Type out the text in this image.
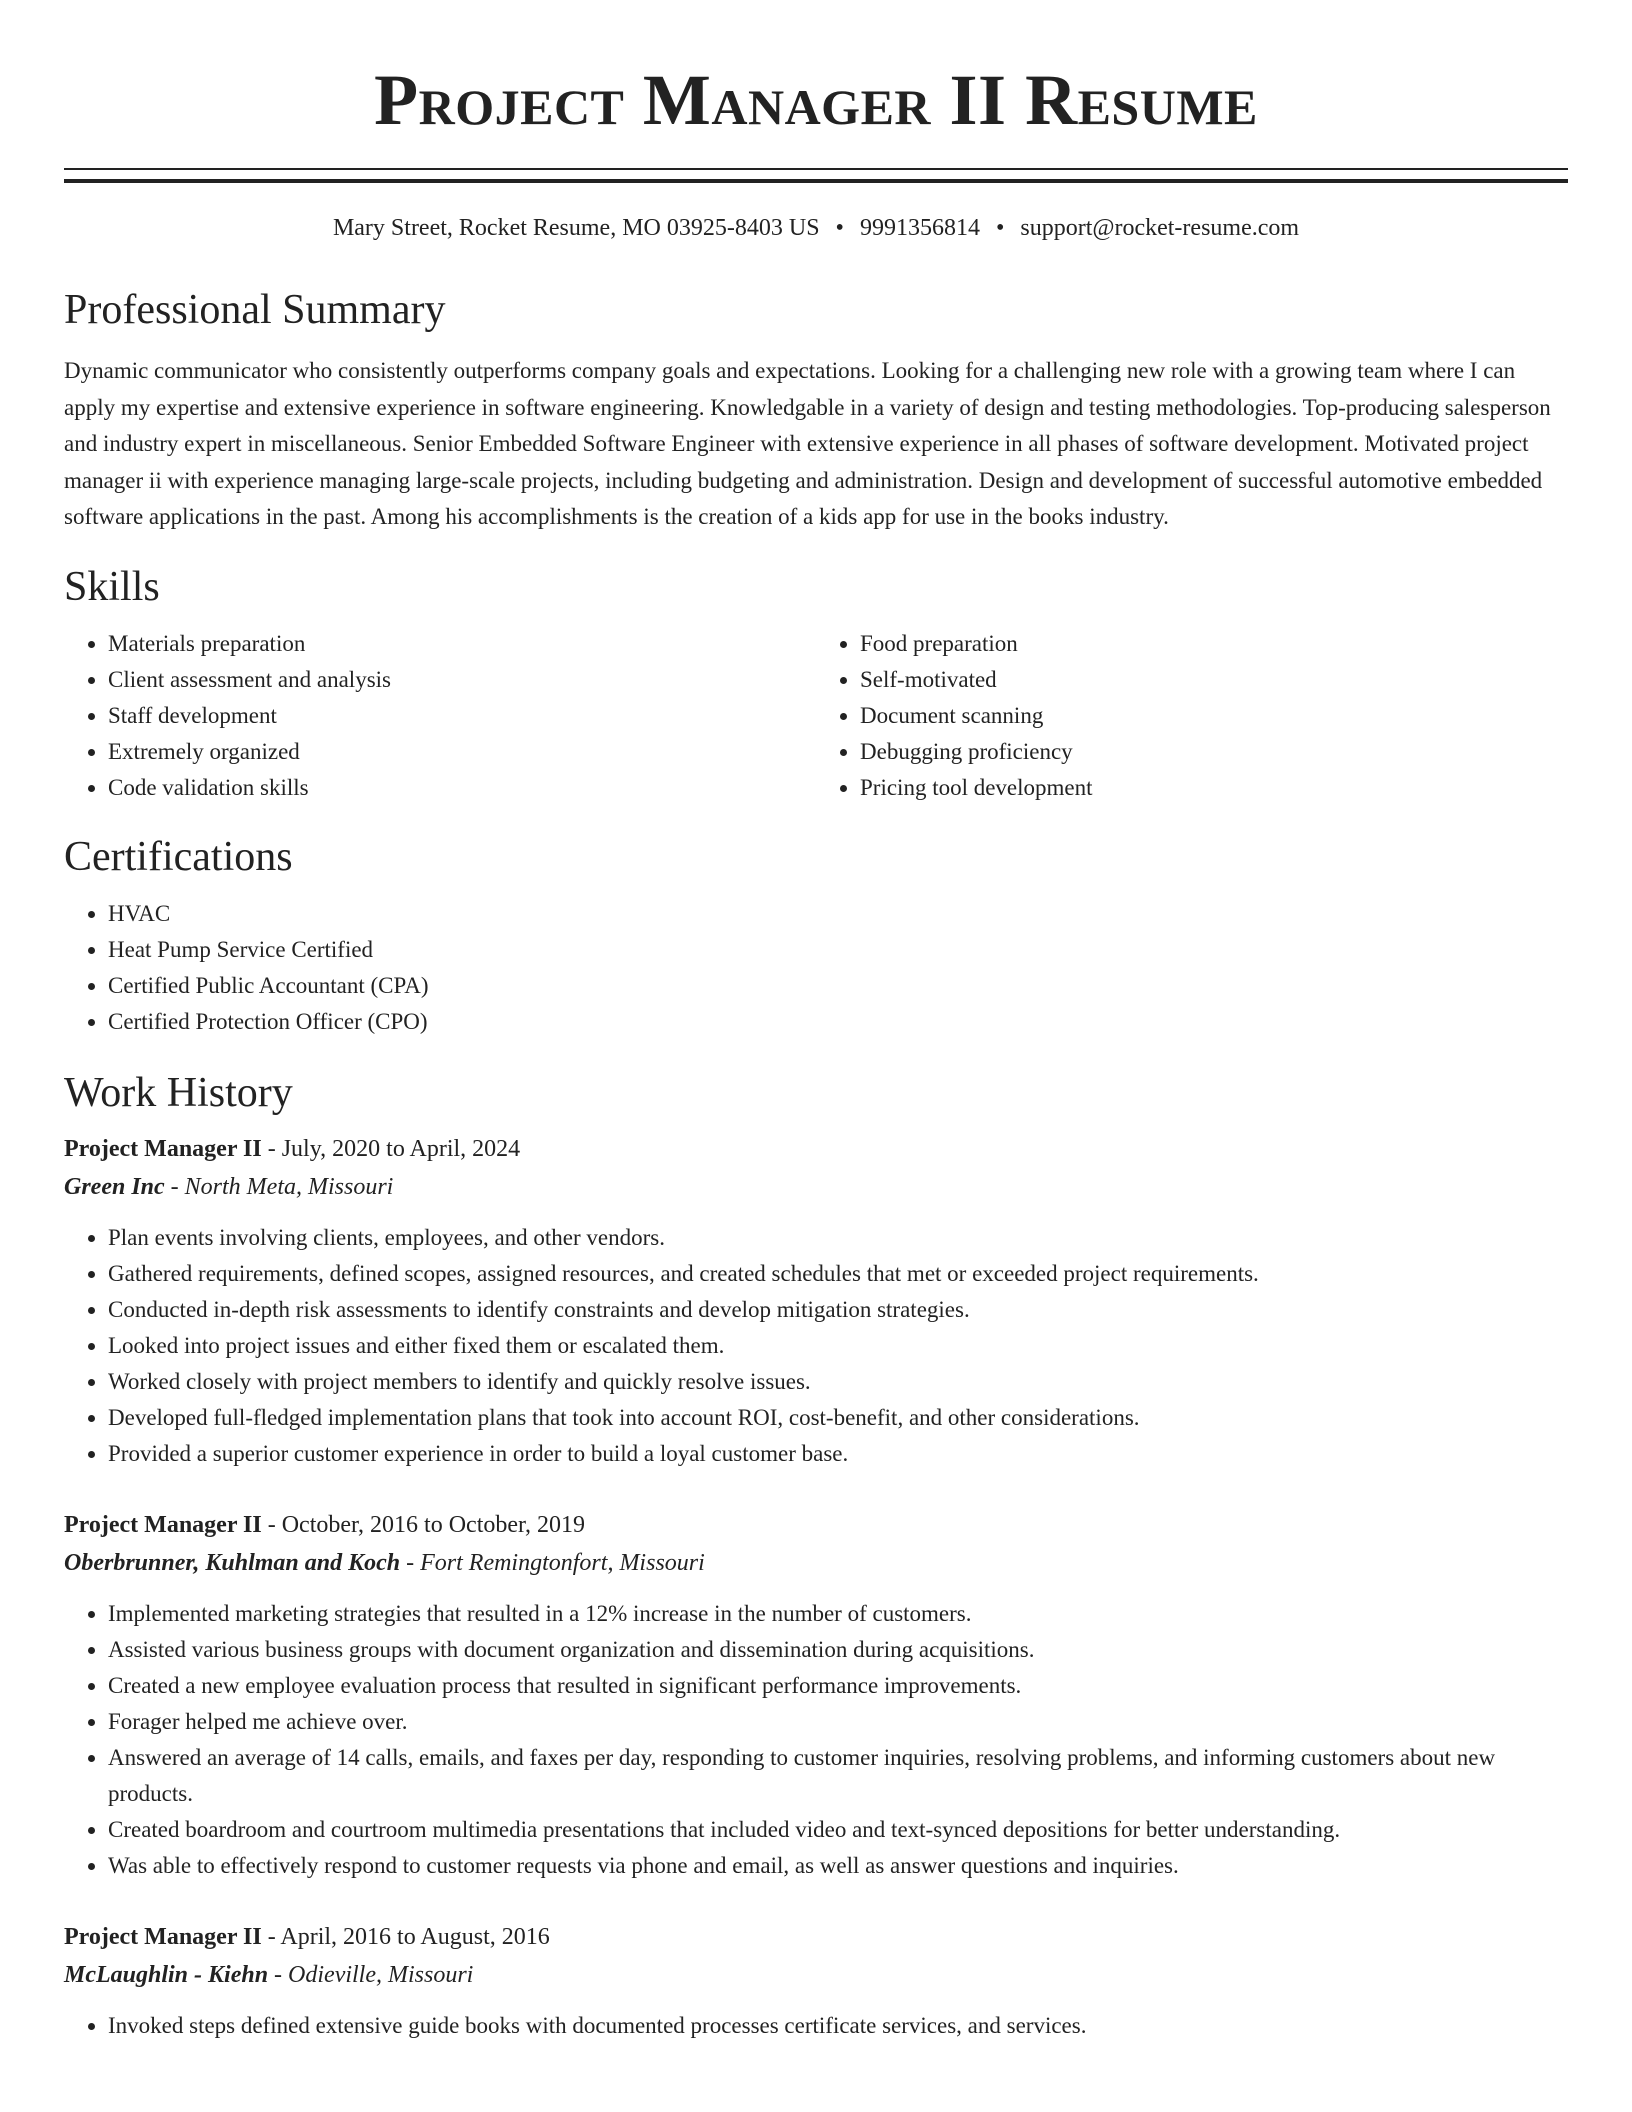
Project Manager II Resume
Mary Street, Rocket Resume, MO 03925-8403 US • 9991356814 • support@rocket-resume.com
Professional Summary

Dynamic communicator who consistently outperforms company goals and expectations. Looking for a challenging new role with a growing team where I can apply my expertise and extensive experience in software engineering. Knowledgable in a variety of design and testing methodologies. Top-producing salesperson and industry expert in miscellaneous. Senior Embedded Software Engineer with extensive experience in all phases of software development. Motivated project manager ii with experience managing large-scale projects, including budgeting and administration. Design and development of successful automotive embedded software applications in the past. Among his accomplishments is the creation of a kids app for use in the books industry.

Skills
• Materials preparation
• Client assessment and analysis
• Staff development
• Extremely organized
• Code validation skills
• Food preparation
• Self-motivated
• Document scanning
• Debugging proficiency
• Pricing tool development
Certifications
• HVAC
• Heat Pump Service Certified
• Certified Public Accountant (CPA)
• Certified Protection Officer (CPO)
Work History
Project Manager II - July, 2020 to April, 2024
Green Inc - North Meta, Missouri
• Plan events involving clients, employees, and other vendors.
• Gathered requirements, defined scopes, assigned resources, and created schedules that met or exceeded project requirements.
• Conducted in-depth risk assessments to identify constraints and develop mitigation strategies.
• Looked into project issues and either fixed them or escalated them.
• Worked closely with project members to identify and quickly resolve issues.
• Developed full-fledged implementation plans that took into account ROI, cost-benefit, and other considerations.
• Provided a superior customer experience in order to build a loyal customer base.
Project Manager II - October, 2016 to October, 2019
Oberbrunner, Kuhlman and Koch - Fort Remingtonfort, Missouri
• Implemented marketing strategies that resulted in a 12% increase in the number of customers.
• Assisted various business groups with document organization and dissemination during acquisitions.
• Created a new employee evaluation process that resulted in significant performance improvements.
• Forager helped me achieve over.
• Answered an average of 14 calls, emails, and faxes per day, responding to customer inquiries, resolving problems, and informing customers about new products.
• Created boardroom and courtroom multimedia presentations that included video and text-synced depositions for better understanding.
• Was able to effectively respond to customer requests via phone and email, as well as answer questions and inquiries.
Project Manager II - April, 2016 to August, 2016
McLaughlin - Kiehn - Odieville, Missouri
• Invoked steps defined extensive guide books with documented processes certificate services, and services.
